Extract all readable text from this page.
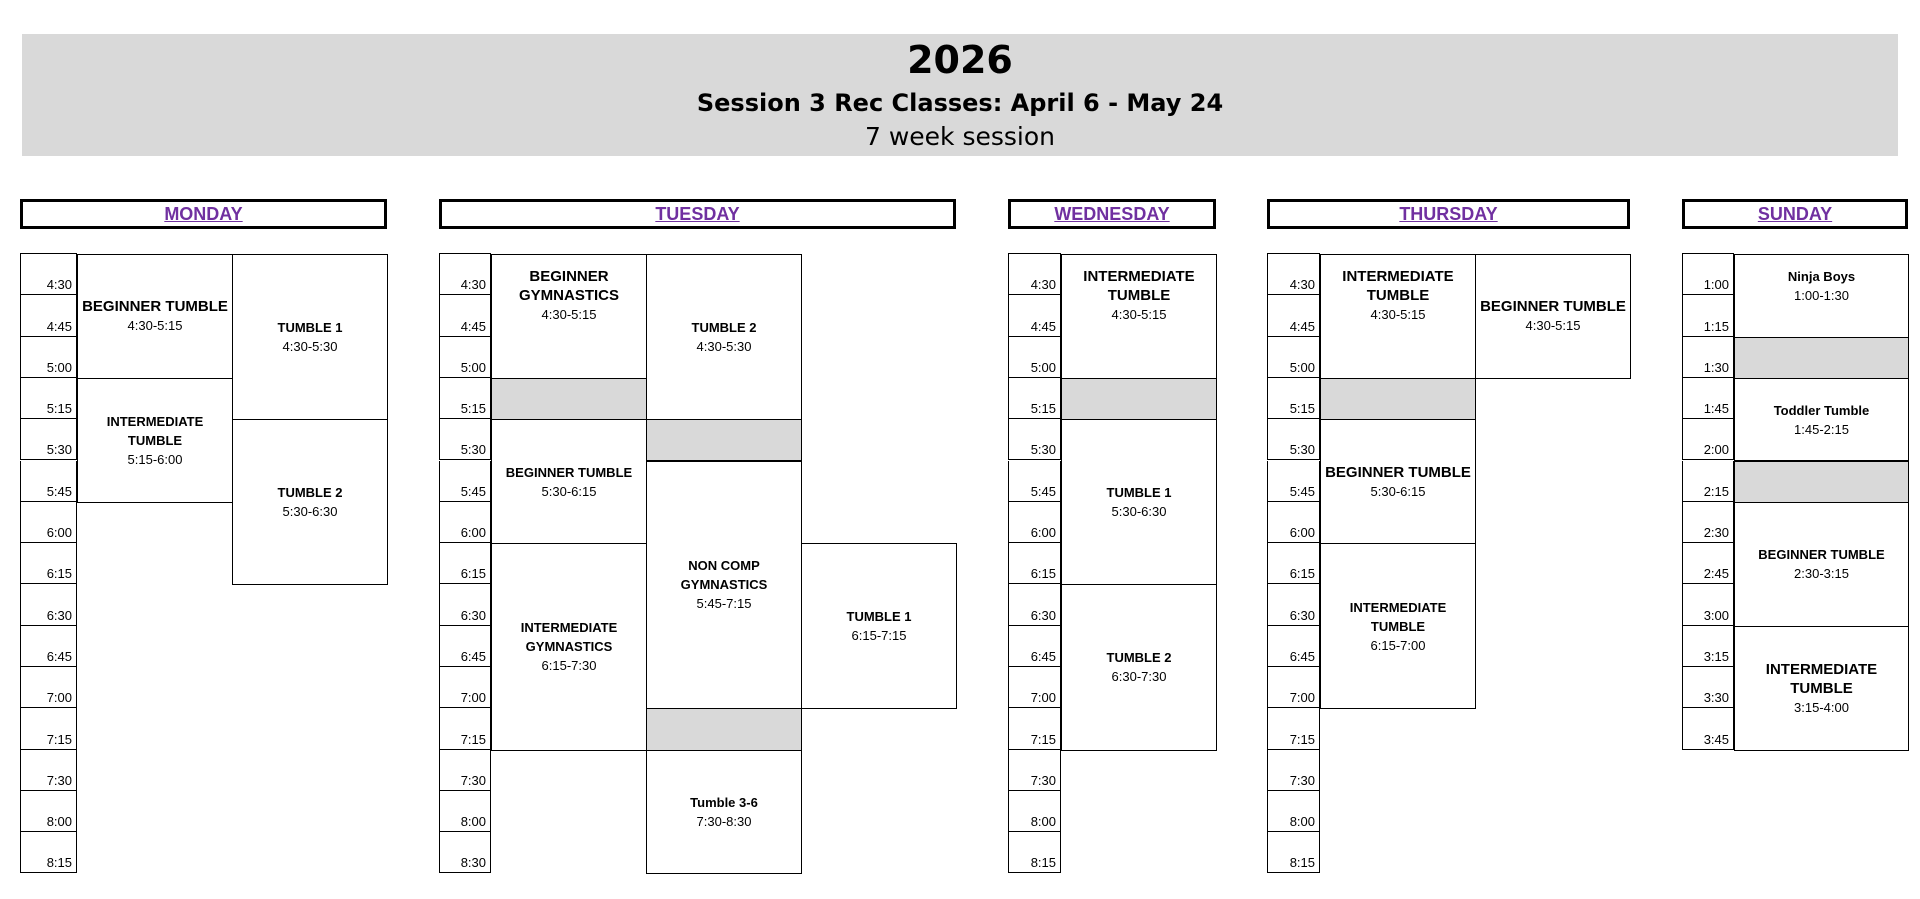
2026
Session 3 Rec Classes: April 6 - May 24
7 week session
MONDAY
4:30
4:45
5:00
5:15
5:30
5:45
6:00
6:15
6:30
6:45
7:00
7:15
7:30
8:00
8:15
BEGINNER TUMBLE
4:30-5:15	TUMBLE 1
4:30-5:30
INTERMEDIATE TUMBLE
5:15-6:00
TUMBLE 2
5:30-6:30
TUESDAY
4:30
4:45
5:00
5:15
5:30
5:45
6:00
6:15
6:30
6:45
7:00
7:15
7:30
8:00
8:30
BEGINNER GYMNASTICS
4:30-5:15
TUMBLE 2
4:30-5:30
BEGINNER TUMBLE
5:30-6:15
NON COMP GYMNASTICS
5:45-7:15
INTERMEDIATE GYMNASTICS
6:15-7:30
TUMBLE 1
6:15-7:15
Tumble 3-6
7:30-8:30
WEDNESDAY
4:30
4:45
5:00
5:15
5:30
5:45
6:00
6:15
6:30
6:45
7:00
7:15
7:30
8:00
8:15
INTERMEDIATE TUMBLE
4:30-5:15
TUMBLE 1
5:30-6:30
TUMBLE 2
6:30-7:30
THURSDAY
4:30
4:45
5:00
5:15
5:30
5:45
6:00
6:15
6:30
6:45
7:00
7:15
7:30
8:00
8:15
INTERMEDIATE TUMBLE
4:30-5:15	BEGINNER TUMBLE
4:30-5:15
BEGINNER TUMBLE
5:30-6:15
INTERMEDIATE TUMBLE
6:15-7:00
SUNDAY
1:00
1:15
1:30
1:45
2:00
2:15
2:30
2:45
3:00
3:15
3:30
3:45
Ninja Boys
1:00-1:30
Toddler Tumble
1:45-2:15
BEGINNER TUMBLE
2:30-3:15
INTERMEDIATE TUMBLE
3:15-4:00
